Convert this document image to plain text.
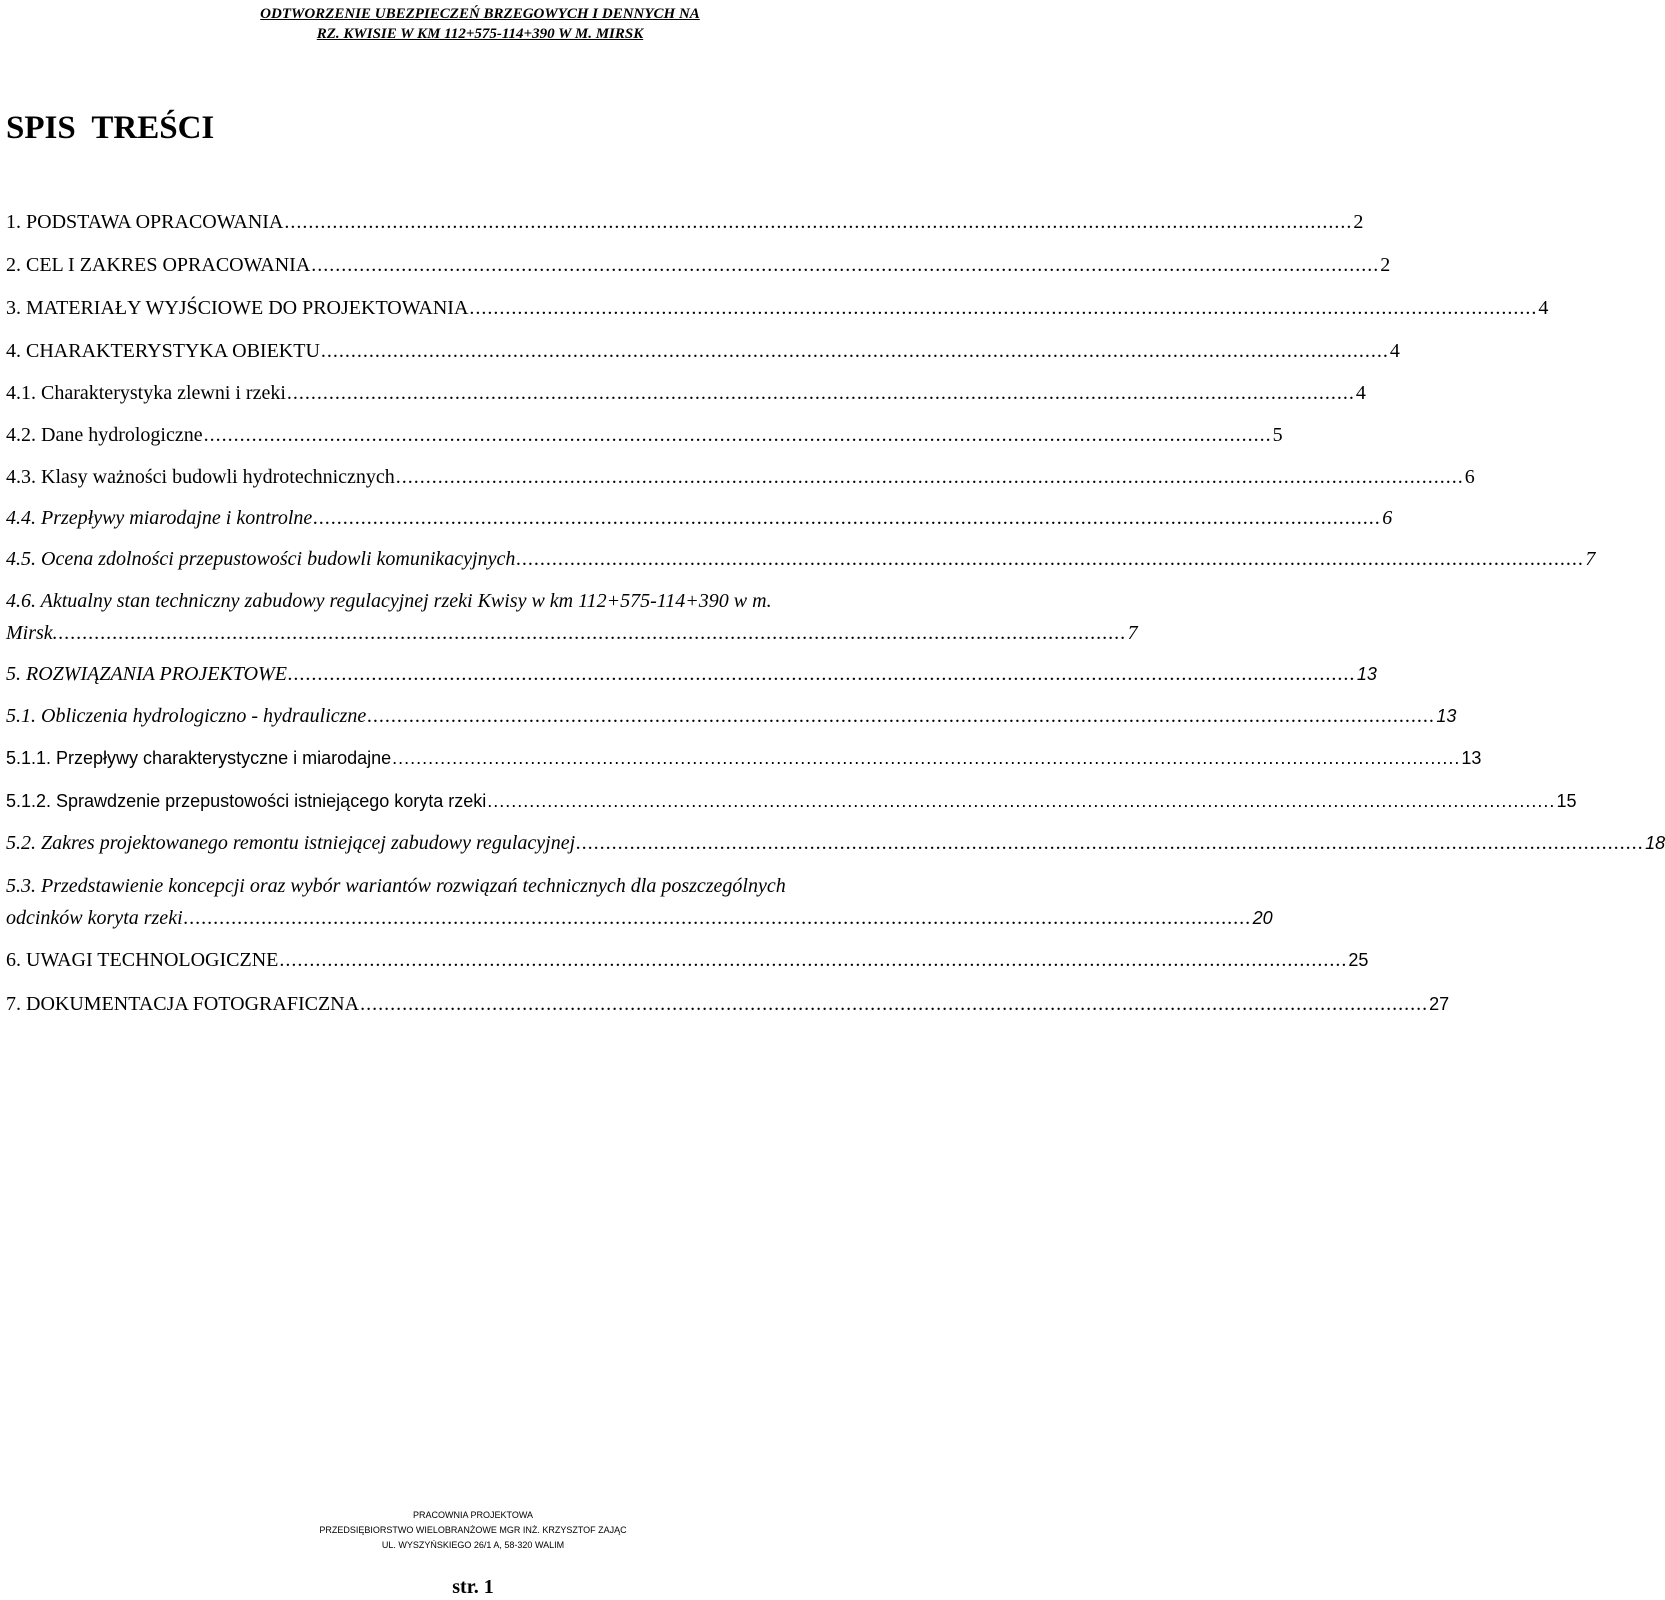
ODTWORZENIE UBEZPIECZEŃ BRZEGOWYCH I DENNYCH NA
RZ. KWISIE W KM 112+575-114+390 W M. MIRSK
SPIS TREŚCI
1. PODSTAWA OPRACOWANIA .................................................................................................................................................................................. 2
2. CEL I ZAKRES OPRACOWANIA .................................................................................................................................................................................. 2
3. MATERIAŁY WYJŚCIOWE DO PROJEKTOWANIA .................................................................................................................................................................................. 4
4. CHARAKTERYSTYKA OBIEKTU .................................................................................................................................................................................. 4
4.1. Charakterystyka zlewni i rzeki .................................................................................................................................................................................. 4
4.2. Dane hydrologiczne .................................................................................................................................................................................. 5
4.3. Klasy ważności budowli hydrotechnicznych .................................................................................................................................................................................. 6
4.4. Przepływy miarodajne i kontrolne .................................................................................................................................................................................. 6
4.5. Ocena zdolności przepustowości budowli komunikacyjnych .................................................................................................................................................................................. 7
4.6. Aktualny stan techniczny zabudowy regulacyjnej rzeki Kwisy w km 112+575-114+390 w m.
Mirsk. .................................................................................................................................................................................. 7
5. ROZWIĄZANIA PROJEKTOWE .................................................................................................................................................................................. 13
5.1. Obliczenia hydrologiczno - hydrauliczne .................................................................................................................................................................................. 13
5.1.1. Przepływy charakterystyczne i miarodajne .................................................................................................................................................................................. 13
5.1.2. Sprawdzenie przepustowości istniejącego koryta rzeki .................................................................................................................................................................................. 15
5.2. Zakres projektowanego remontu istniejącej zabudowy regulacyjnej .................................................................................................................................................................................. 18
5.3. Przedstawienie koncepcji oraz wybór wariantów rozwiązań technicznych dla poszczególnych
odcinków koryta rzeki .................................................................................................................................................................................. 20
6. UWAGI TECHNOLOGICZNE .................................................................................................................................................................................. 25
7. DOKUMENTACJA FOTOGRAFICZNA .................................................................................................................................................................................. 27
PRACOWNIA PROJEKTOWA
PRZEDSIĘBIORSTWO WIELOBRANŻOWE MGR INŻ. KRZYSZTOF ZAJĄC
UL. WYSZYŃSKIEGO 26/1 A, 58-320 WALIM
str. 1
